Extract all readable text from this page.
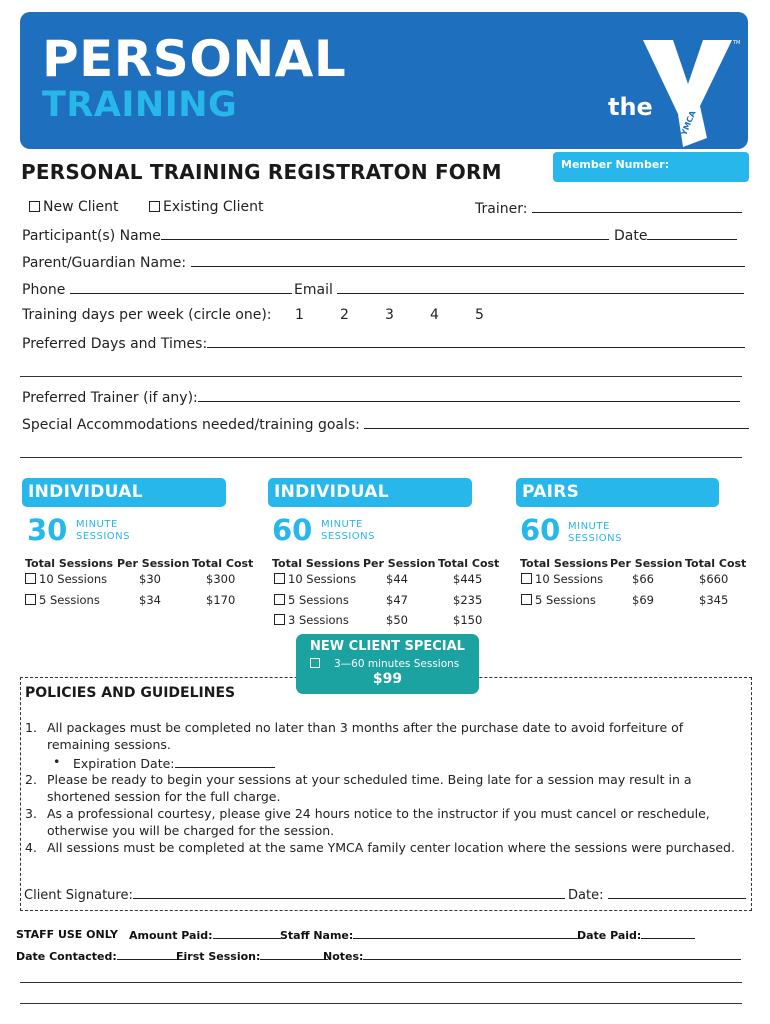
PERSONAL
TRAINING	the
YMCA
TM
Member Number:
PERSONAL TRAINING REGISTRATON FORM
New Client	Existing Client	Trainer:
Participant(s) Name	Date
Parent/Guardian Name:
Phone	Email
Training days per week (circle one): 1	2	3	4	5
Preferred Days and Times:
Preferred Trainer (if any):
Special Accommodations needed/training goals:
INDIVIDUAL
30 MINUTE
SESSIONS
Total Sessions Per Session Total Cost
10 Sessions	$30	$300
5 Sessions	$34	$170
INDIVIDUAL
60 MINUTE
SESSIONS
Total Sessions Per Session Total Cost
10 Sessions	$44	$445
5 Sessions	$47	$235
3 Sessions	$50	$150
PAIRS
60 MINUTE
SESSIONS
Total Sessions Per Session Total Cost
10 Sessions	$66	$660
5 Sessions	$69	$345
POLICIES AND GUIDELINES
1. All packages must be completed no later than 3 months after the purchase date to avoid forfeiture of remaining sessions.
• Expiration Date:
2. Please be ready to begin your sessions at your scheduled time. Being late for a session may result in a shortened session for the full charge.
3. As a professional courtesy, please give 24 hours notice to the instructor if you must cancel or reschedule, otherwise you will be charged for the session.
4. All sessions must be completed at the same YMCA family center location where the sessions were purchased.
Client Signature:	Date:
NEW CLIENT SPECIAL
3—60 minutes Sessions
$99
STAFF USE ONLY Amount Paid:	Staff Name:	Date Paid:
Date Contacted:	First Session:	Notes:
